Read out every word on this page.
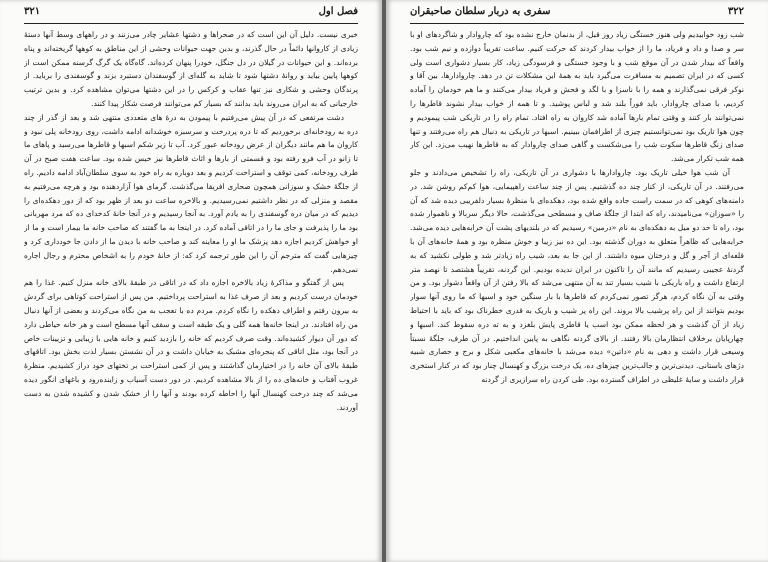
۳۲۱	فصل اول

خبری نیست. دلیل آن این است که در صحراها و دشتها عشایر چادر می‌زنند و در راههای وسط آنها دستهٔ زیادی از کاروانها دائماً در حال گذرند، و بدین جهت حیوانات وحشی از این مناطق به کوهها گریخته‌اند و پناه برده‌اند. و این حیوانات در گیلان در دل جنگل، خودرا پنهان کرده‌اند. گاه‌گاه یک گرگ گرسنه ممکن است از کوهها پایین بیاید و روانهٔ دشتها شود تا شاید به گله‌ای از گوسفندان دستبرد بزند و گوسفندی را برباید. از پرندگان وحشی و شکاری نیز تنها عقاب و کرکس را در این دشتها می‌توان مشاهده کرد. و بدین ترتیب خارجیانی که به ایران می‌روند باید بدانند که بسیار کم می‌توانند فرصت شکار پیدا کنند.

دشت مرتفعی که در آن پیش می‌رفتیم با پیمودن به درهٔ های متعددی منتهی شد و بعد از گذر از چند دره به رودخانه‌ای برخوردیم که تا دره پردرخت و سرسبزه خوشدانه ادامه داشت، روی رودخانه پلی نبود و کاروان ما هم مانند دیگران از عرض رودخانه عبور کرد. آب تا زیر شکم اسبها و قاطرها می‌رسید و پاهای ما تا زانو در آب فرو رفته بود و قسمتی از بارها و اثاث قاطرها نیز خیس شده بود. ساعت هفت صبح در آن طرف رودخانه، کمی توقف و استراحت کردیم و بعد دوباره به راه خود به سوی سلطان‌آباد ادامه دادیم. راه از جلگهٔ خشک و سوزانی همچون صحاری افریقا می‌گذشت. گرمای هوا آزاردهنده بود و هرچه می‌رفتیم به مقصد و منزلی که در نظر داشتیم نمی‌رسیدیم. و بالاخره ساعت دو بعد از ظهر بود که از دور دهکده‌ای را دیدیم که در میان دره گوسفندی را به یادم آورد. به آنجا رسیدیم و در آنجا خانهٔ کدخدای ده که مرد مهربانی بود ما را پذیرفت و جای ما را در اتاقی آماده کرد. در اینجا به ما گفتند که صاحب خانه ما بیمار است و ما از او خواهش کردیم اجازه دهد پزشک ما او را معاینه کند و صاحب خانه با دیدن ما از دادن جا خودداری کرد و چیزهایی گفت که مترجم آن را این طور ترجمه کرد که: از خانهٔ خودم را به اشخاص محترم و رجال اجاره نمی‌دهم.

پس از گفتگو و مذاکرهٔ زیاد بالاخره اجازه داد که در اتاقی در طبقهٔ بالای خانه منزل کنیم. غذا را هم خودمان درست کردیم و بعد از صرف غذا به استراحت پرداختیم. من پس از استراحت کوتاهی برای گردش به بیرون رفتم و اطراف دهکده را نگاه کردم. مردم ده با تعجب به من نگاه می‌کردند و بعضی از آنها دنبال من راه افتادند. در اینجا خانه‌ها همه گلی و یک طبقه است و سقف آنها مسطح است و هر خانه حیاطی دارد که دور آن دیوار کشیده‌اند. وقت صرف کردیم که خانه را بازدید کنیم و خانه هایی با زیبایی و تزیینات خاص در آنجا بود، مثل اتاقی که پنجره‌ای مشبک به خیابان داشت و در آن نشستن بسیار لذت بخش بود. اتاقهای طبقهٔ بالای آن خانه را در اختیارمان گذاشتند و پس از کمی استراحت بر تختهای خود دراز کشیدیم. منظرهٔ غروب آفتاب و خانه‌های ده را از بالا مشاهده کردیم. در دور دست آسیاب و زاینده‌رود و باغهای انگور دیده می‌شد که چند درخت کهنسال آنها را احاطه کرده بودند و آنها را از خشک شدن و کشیده شدن به دست آوردند.

۳۲۲
سفری به دربار سلطان صاحبقران

شب زود خوابیدیم ولی هنوز خستگی زیاد روز قبل، از بدنمان خارج نشده بود که چاروادار و شاگردهای او با سر و صدا و داد و فریاد، ما را از خواب بیدار کردند که حرکت کنیم. ساعت تقریباً دوازده و نیم شب بود. واقعاً که بیدار شدن در آن موقع شب و با وجود خستگی و فرسودگی زیاد، کار بسیار دشواری است ولی کسی که در ایران تصمیم به مسافرت می‌گیرد باید به همهٔ این مشکلات تن در دهد. چاروادارها، بین آقا و نوکر فرقی نمی‌گذارند و همه را با ناسزا و با لگد و فحش و فریاد بیدار می‌کنند و ما هم خودمان را آماده کردیم، با صدای چاروادار، باید فوراً بلند شد و لباس پوشید. و تا همه از خواب بیدار نشوند قاطرها را نمی‌توانند بار کنند و وقتی تمام بارها آماده شد کاروان به راه افتاد. تمام راه را در تاریکی شب پیمودیم و چون هوا تاریک بود نمی‌توانستیم چیزی از اطرافمان ببینیم. اسبها در تاریکی به دنبال هم راه می‌رفتند و تنها صدای زنگ قاطرها سکوت شب را می‌شکست و گاهی صدای چاروادار که به قاطرها نهیب می‌زد. این کار همه شب تکرار می‌شد.

آن شب هوا خیلی تاریک بود. چاروادارها با دشواری در آن تاریکی، راه را تشخیص می‌دادند و جلو می‌رفتند. در آن تاریکی، از کنار چند ده گذشتیم. پس از چند ساعت راهپیمایی، هوا کم‌کم روشن شد. در دامنه‌های کوهی که در سمت راست جاده واقع شده بود، دهکده‌ای با منظرهٔ بسیار دلفریبی دیده شد که آن را «سوزان» می‌نامیدند، راه که ابتدا از جلگهٔ صاف و مسطحی می‌گذشت، حالا دیگر سربالا و ناهموار شده بود، راه تا حد دو میل به دهکده‌ای به نام «درمین» رسیدیم که در بلندیهای پشت آن خرابه‌هایی دیده می‌شد. خرابه‌هایی که ظاهراً متعلق به دوران گذشته بود. این ده نیز زیبا و خوش منظره بود و همهٔ خانه‌های آن با قلعه‌ای از آجر و گل و درختان میوه داشتند. از این جا به بعد، شیب راه زیادتر شد و طولی نکشید که به گردنهٔ عجیبی رسیدیم که مانند آن را تاکنون در ایران ندیده بودیم. این گردنه، تقریباً هشتصد تا نهصد متر ارتفاع داشت و راه باریکی با شیب بسیار تند به آن منتهی می‌شد که بالا رفتن از آن واقعاً دشوار بود. و من وقتی به آن نگاه کردم، هرگز تصور نمی‌کردم که قاطرها با بار سنگین خود و اسبها که ما روی آنها سوار بودیم بتوانند از این راه پرشیب بالا بروند. این راه پر شیب و باریک به قدری خطرناک بود که باید با احتیاط زیاد از آن گذشت و هر لحظه ممکن بود اسب یا قاطری پایش بلغزد و به ته دره سقوط کند. اسبها و چهارپایان برخلاف انتظارمان بالا رفتند. از بالای گردنه نگاهی به پایین انداختیم. در آن طرف، جلگهٔ نسبتاً وسیعی قرار داشت و دهی به نام «داتین» دیده می‌شد با خانه‌های مکعبی شکل و برج و حصاری شبیه دژهای باستانی. دیدنی‌ترین و جالب‌ترین چیزهای ده، یک درخت بزرگ و کهنسال چنار بود که در کنار استخری قرار داشت و سایهٔ غلیظی در اطراف گسترده بود. طی کردن راه سرازیری از گردنه
